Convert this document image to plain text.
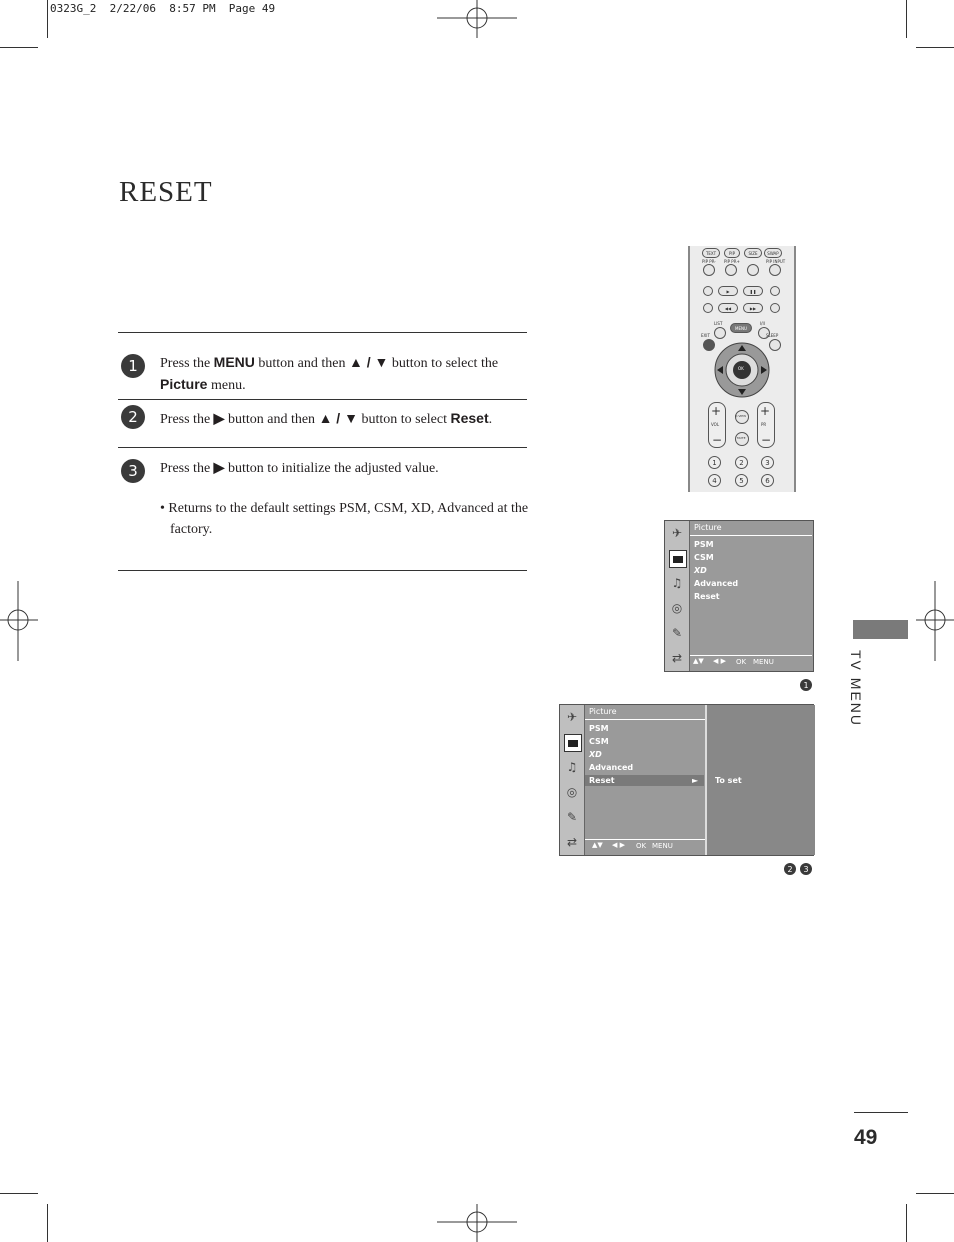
0323G_2  2/22/06  8:57 PM  Page 49
RESET
1	Press the MENU button and then ▲ / ▼ button to select the Picture menu.
2	Press the ▶ button and then ▲ / ▼ button to select Reset.
3	Press the ▶ button to initialize the adjusted value.
• Returns to the default settings PSM, CSM, XD, Advanced at the factory.
TV MENU
49
TEXT	PIP	SIZE	SWAP
PIP PR- PIP PR+	PIP INPUT
▶	❚❚
◀◀	▶▶
LIST	I/II
MENU
EXIT	SLEEP
OK
+
VOL
−
+
PR
−
Q.VIEW
MUTE
1	2	3
4	5	6
✈
♫
◎
✎
⇄
Picture
PSM
CSM
XD
Advanced
Reset
▲▼ ◀ ▶ OK MENU
1
✈
♫
◎
✎
⇄
Picture
PSM
CSM
XD
Advanced
Reset	►
▲▼ ◀ ▶ OK MENU
To set
2	3
